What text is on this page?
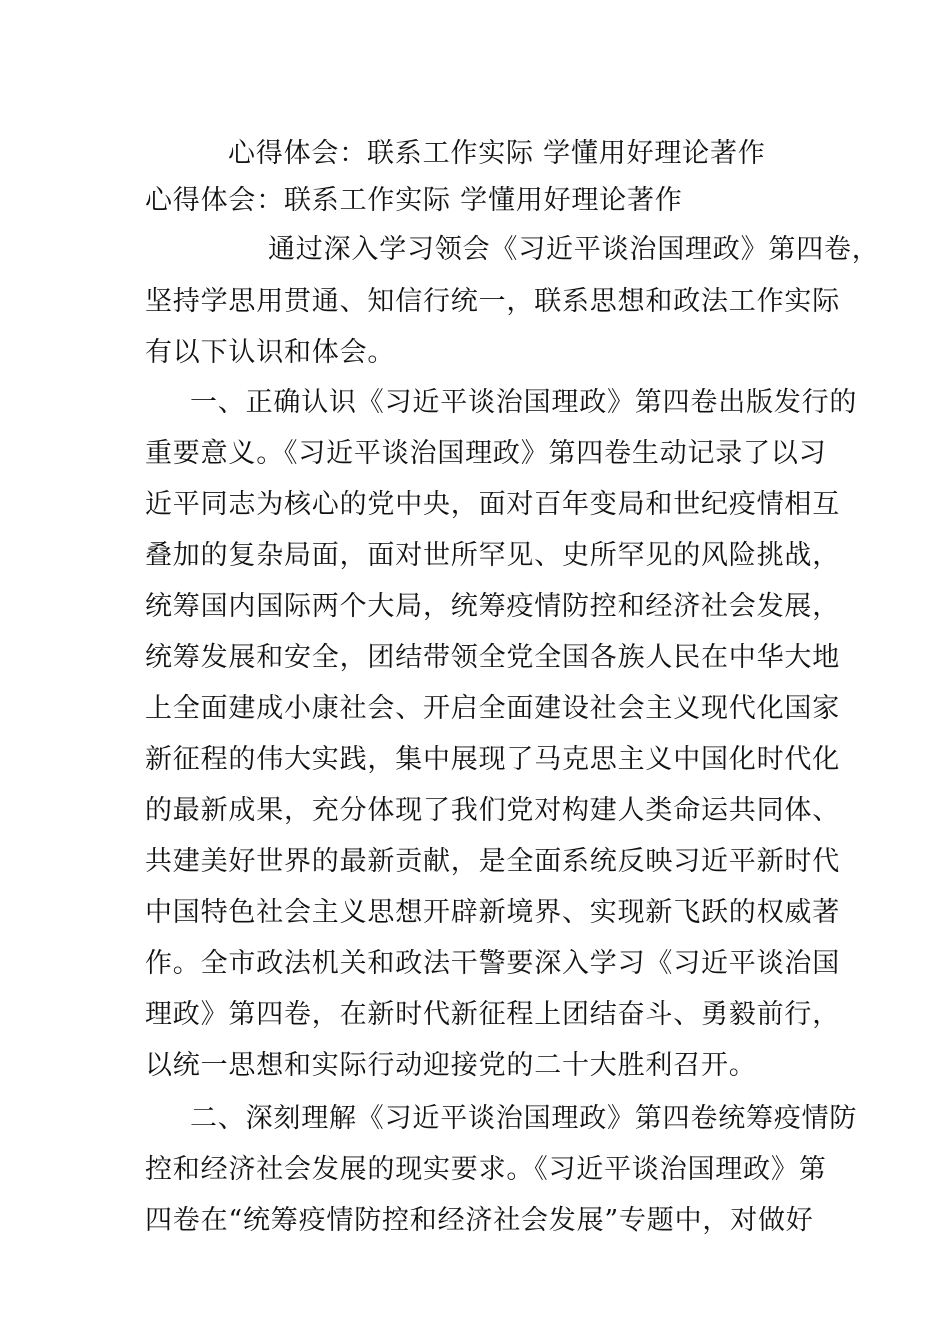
心得体会：联系工作实际 学懂用好理论著作
心得体会：联系工作实际 学懂用好理论著作
通过深入学习领会《习近平谈治国理政》第四卷，
坚持学思用贯通、知信行统一，联系思想和政法工作实际
有以下认识和体会。
一、正确认识《习近平谈治国理政》第四卷出版发行的
重要意义。《习近平谈治国理政》第四卷生动记录了以习
近平同志为核心的党中央，面对百年变局和世纪疫情相互
叠加的复杂局面，面对世所罕见、史所罕见的风险挑战，
统筹国内国际两个大局，统筹疫情防控和经济社会发展，
统筹发展和安全，团结带领全党全国各族人民在中华大地
上全面建成小康社会、开启全面建设社会主义现代化国家
新征程的伟大实践，集中展现了马克思主义中国化时代化
的最新成果，充分体现了我们党对构建人类命运共同体、
共建美好世界的最新贡献，是全面系统反映习近平新时代
中国特色社会主义思想开辟新境界、实现新飞跃的权威著
作。全市政法机关和政法干警要深入学习《习近平谈治国
理政》第四卷，在新时代新征程上团结奋斗、勇毅前行，
以统一思想和实际行动迎接党的二十大胜利召开。
二、深刻理解《习近平谈治国理政》第四卷统筹疫情防
控和经济社会发展的现实要求。《习近平谈治国理政》第
四卷在“统筹疫情防控和经济社会发展”专题中，对做好
